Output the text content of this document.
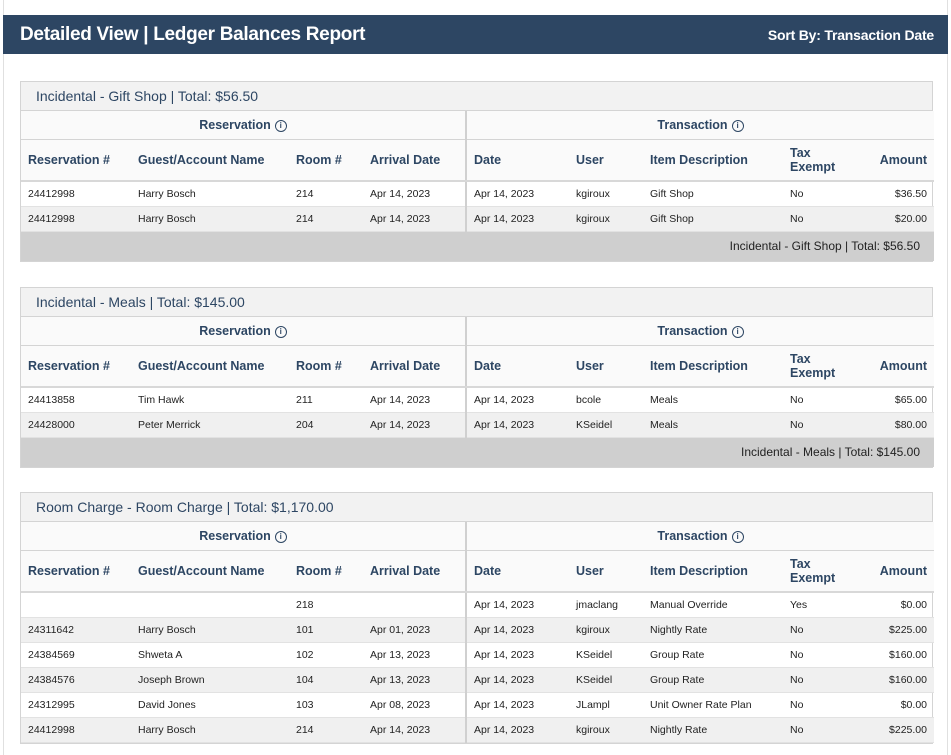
Detailed View | Ledger Balances Report	Sort By: Transaction Date
Incidental - Gift Shop | Total: $56.50
Reservation i				Transaction i				
Reservation #	Guest/Account Name	Room #	Arrival Date	Date	User	Item Description	Tax Exempt	Amount
24412998	Harry Bosch	214	Apr 14, 2023	Apr 14, 2023	kgiroux	Gift Shop	No	$36.50
24412998	Harry Bosch	214	Apr 14, 2023	Apr 14, 2023	kgiroux	Gift Shop	No	$20.00
Incidental - Gift Shop | Total: $56.50								
Incidental - Meals | Total: $145.00
Reservation i				Transaction i				
Reservation #	Guest/Account Name	Room #	Arrival Date	Date	User	Item Description	Tax Exempt	Amount
24413858	Tim Hawk	211	Apr 14, 2023	Apr 14, 2023	bcole	Meals	No	$65.00
24428000	Peter Merrick	204	Apr 14, 2023	Apr 14, 2023	KSeidel	Meals	No	$80.00
Incidental - Meals | Total: $145.00								
Room Charge - Room Charge | Total: $1,170.00
Reservation i				Transaction i				
Reservation #	Guest/Account Name	Room #	Arrival Date	Date	User	Item Description	Tax Exempt	Amount
		218		Apr 14, 2023	jmaclang	Manual Override	Yes	$0.00
24311642	Harry Bosch	101	Apr 01, 2023	Apr 14, 2023	kgiroux	Nightly Rate	No	$225.00
24384569	Shweta A	102	Apr 13, 2023	Apr 14, 2023	KSeidel	Group Rate	No	$160.00
24384576	Joseph Brown	104	Apr 13, 2023	Apr 14, 2023	KSeidel	Group Rate	No	$160.00
24312995	David Jones	103	Apr 08, 2023	Apr 14, 2023	JLampl	Unit Owner Rate Plan	No	$0.00
24412998	Harry Bosch	214	Apr 14, 2023	Apr 14, 2023	kgiroux	Nightly Rate	No	$225.00
